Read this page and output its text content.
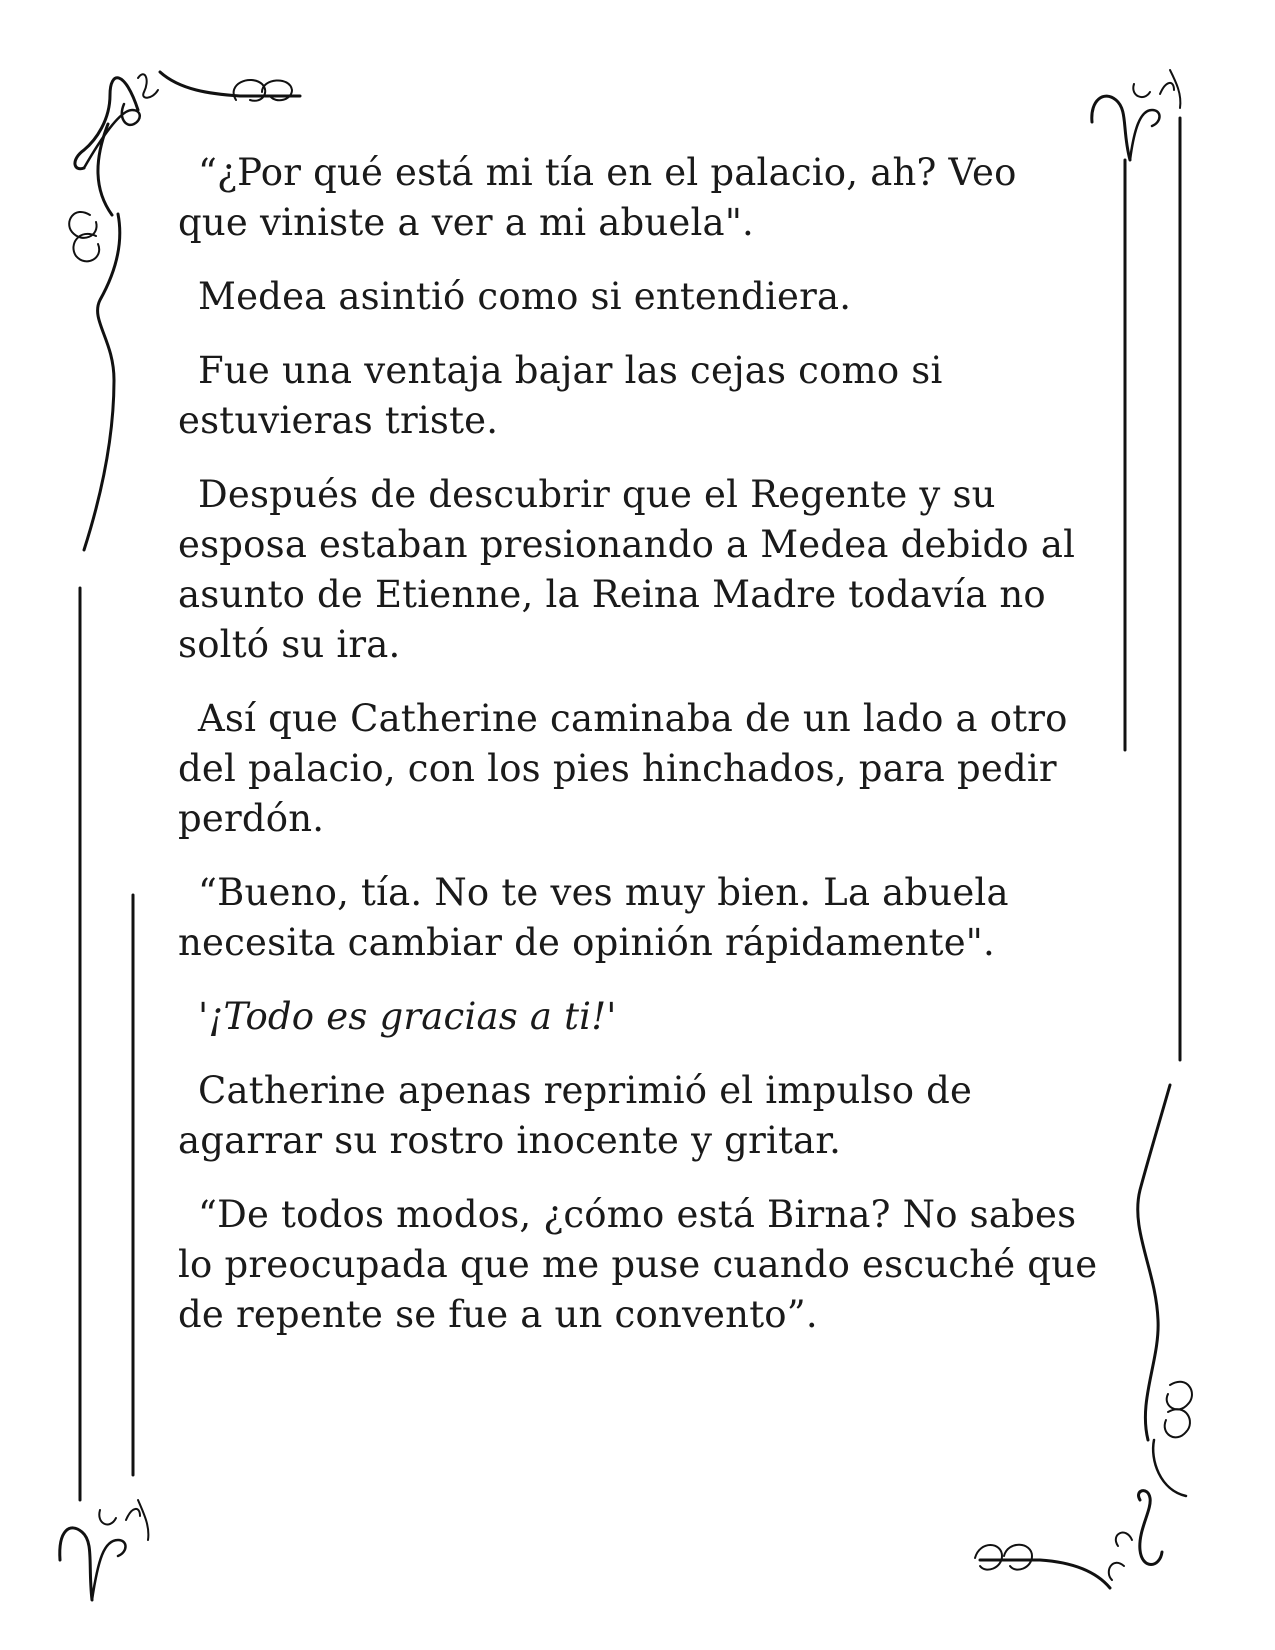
“¿Por qué está mi tía en el palacio, ah? Veo que viniste a ver a mi abuela".

Medea asintió como si entendiera.

Fue una ventaja bajar las cejas como si estuvieras triste.

Después de descubrir que el Regente y su esposa estaban presionando a Medea debido al asunto de Etienne, la Reina Madre todavía no soltó su ira.

Así que Catherine caminaba de un lado a otro del palacio, con los pies hinchados, para pedir perdón.

“Bueno, tía. No te ves muy bien. La abuela necesita cambiar de opinión rápidamente".

'¡Todo es gracias a ti!'

Catherine apenas reprimió el impulso de agarrar su rostro inocente y gritar.

“De todos modos, ¿cómo está Birna? No sabes lo preocupada que me puse cuando escuché que de repente se fue a un convento”.
